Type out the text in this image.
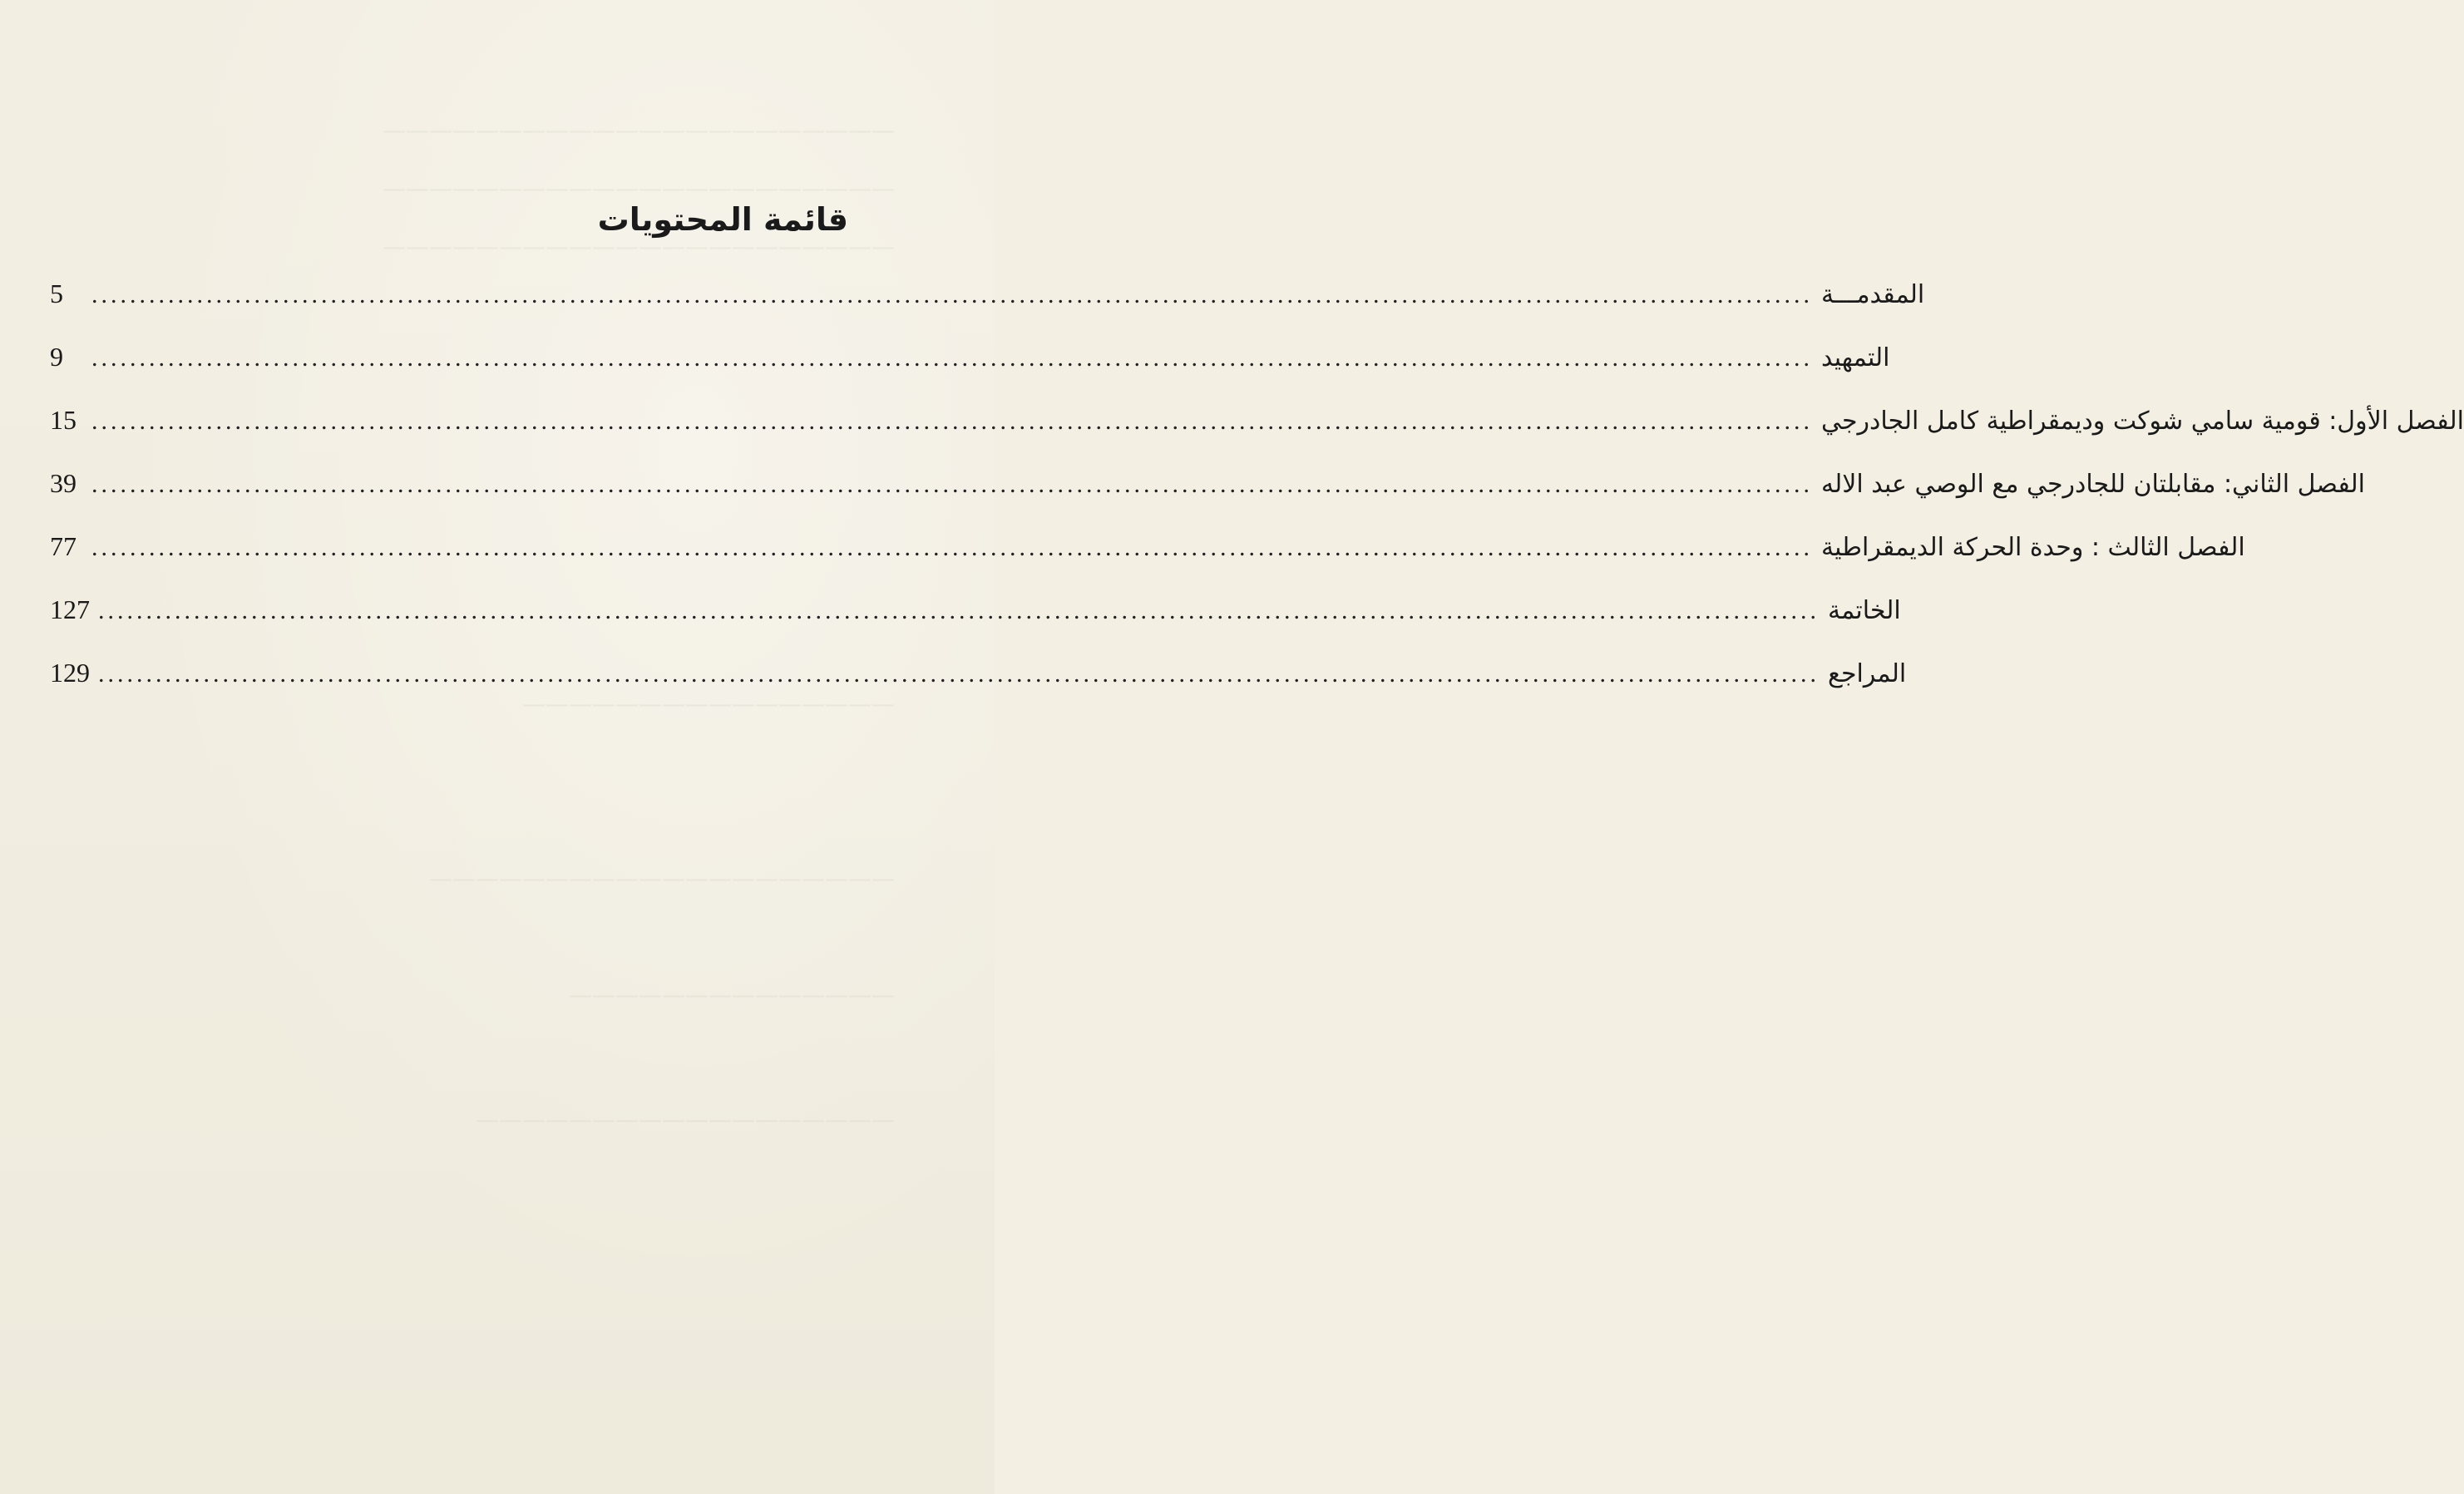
——————————————————————
——————————————————————
——————————————————————
————————————————
————————————————————
——————————————
——————————————————
قائمة المحتويات
5	.................................................................................................................................................................................... المقدمـــة
9	.................................................................................................................................................................................... التمهيد
15 .................................................................................................................................................................................... الفصل الأول: قومية سامي شوكت وديمقراطية كامل الجادرجي
39 .................................................................................................................................................................................... الفصل الثاني: مقابلتان للجادرجي مع الوصي عبد الاله
77 .................................................................................................................................................................................... الفصل الثالث : وحدة الحركة الديمقراطية
127 .................................................................................................................................................................................... الخاتمة
129 .................................................................................................................................................................................... المراجع
